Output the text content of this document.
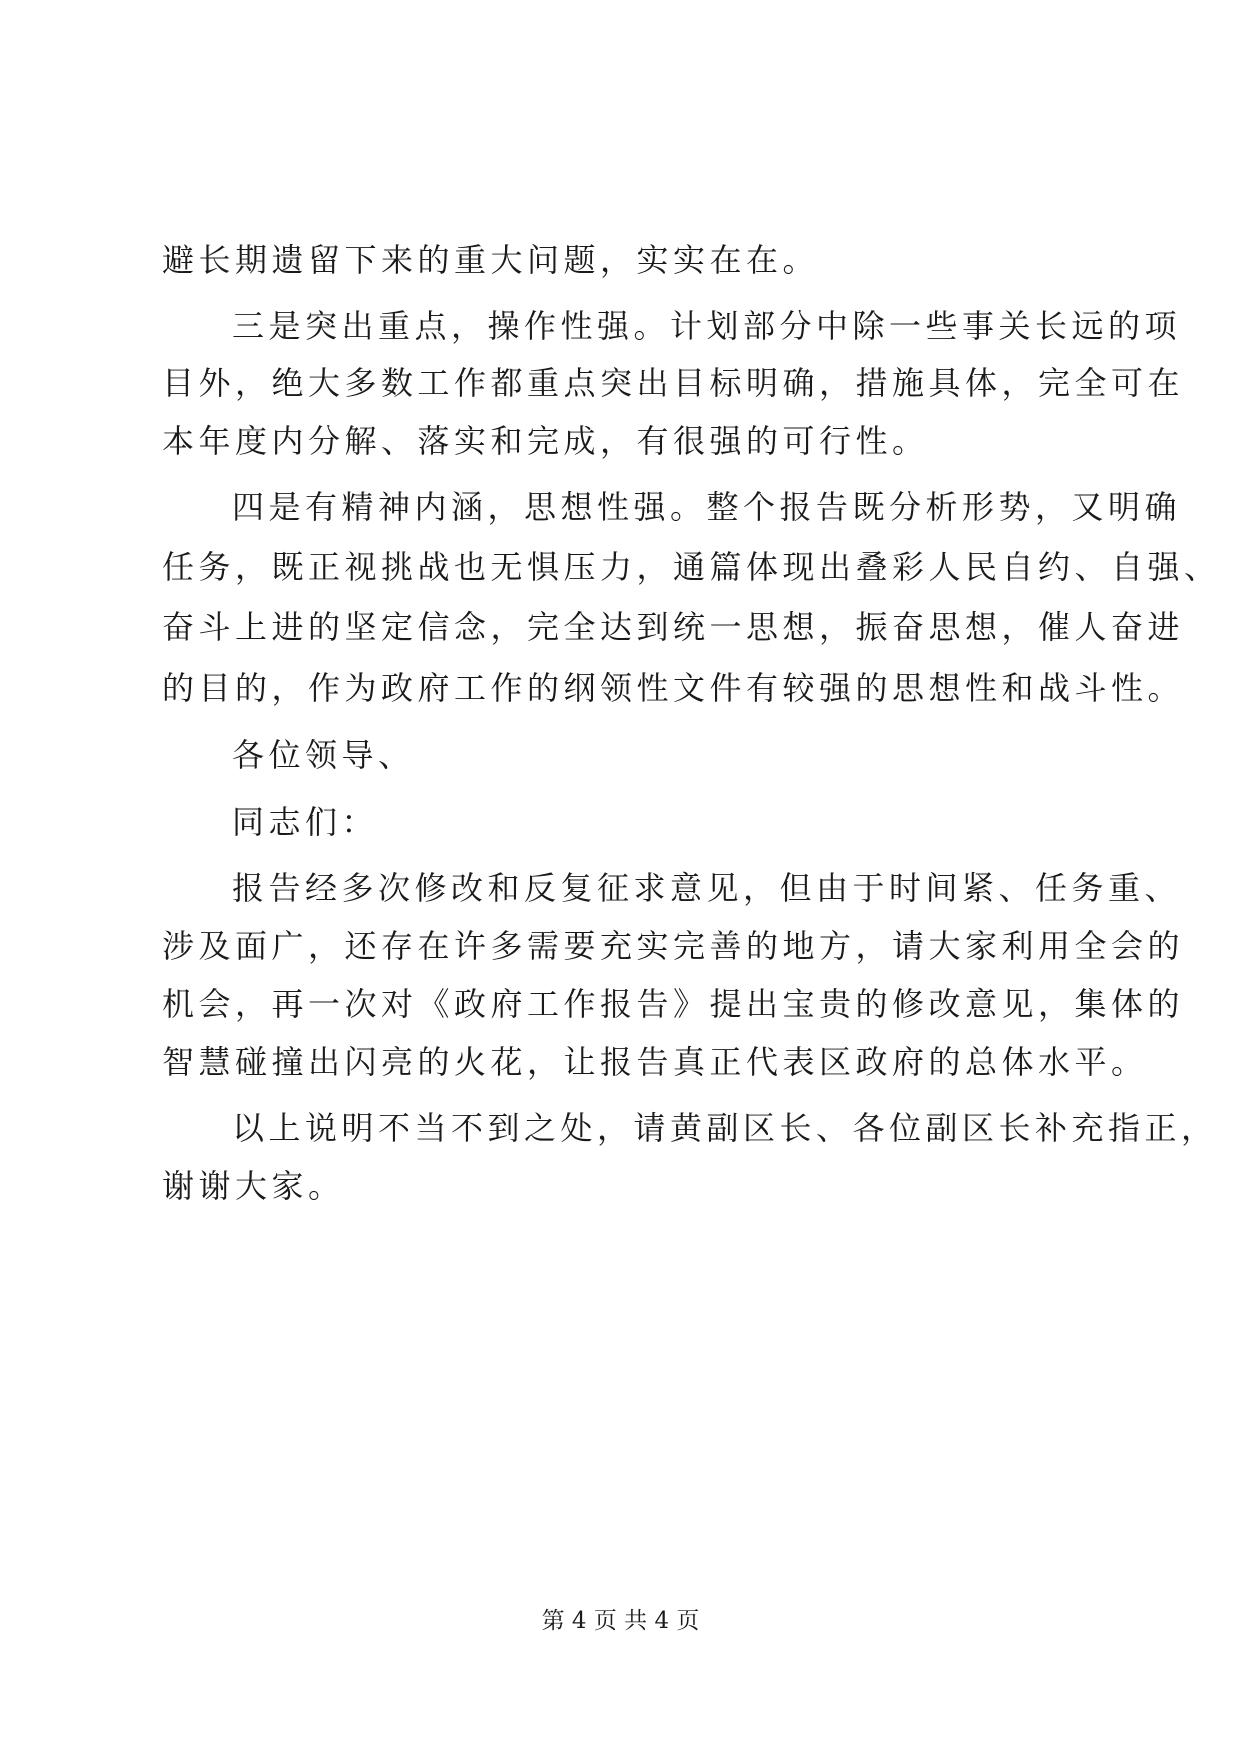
避长期遗留下来的重大问题，实实在在。
三是突出重点，操作性强。计划部分中除一些事关长远的项
目外，绝大多数工作都重点突出目标明确，措施具体，完全可在
本年度内分解、落实和完成，有很强的可行性。
四是有精神内涵，思想性强。整个报告既分析形势，又明确
任务，既正视挑战也无惧压力，通篇体现出叠彩人民自约、自强、
奋斗上进的坚定信念，完全达到统一思想，振奋思想，催人奋进
的目的，作为政府工作的纲领性文件有较强的思想性和战斗性。
各位领导、
同志们：
报告经多次修改和反复征求意见，但由于时间紧、任务重、
涉及面广，还存在许多需要充实完善的地方，请大家利用全会的
机会，再一次对《政府工作报告》提出宝贵的修改意见，集体的
智慧碰撞出闪亮的火花，让报告真正代表区政府的总体水平。
以上说明不当不到之处，请黄副区长、各位副区长补充指正，
谢谢大家。
第 4 页 共 4 页
